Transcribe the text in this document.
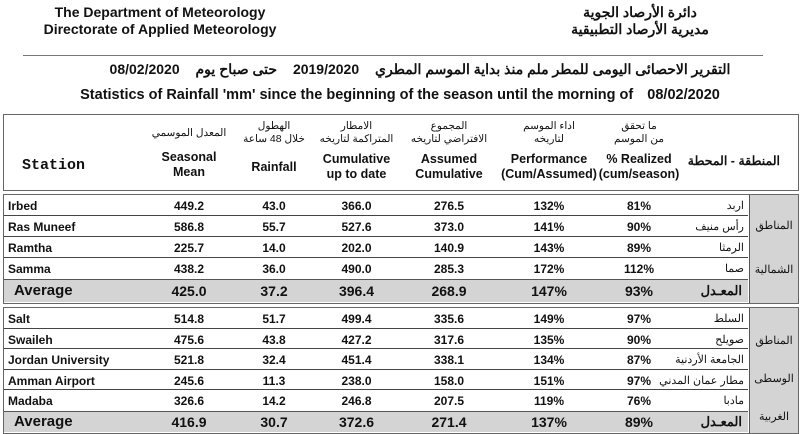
The Department of Meteorology
Directorate of Applied Meteorology
دائرة الأرصاد الجوية
مديرية الأرصاد التطبيقية
التقرير الاحصائى اليومى للمطر ملم منذ بداية الموسم المطري 2019/2020 حتى صباح يوم 08/02/2020
Statistics of Rainfall 'mm' since the beginning of the season until the morning of 08/02/2020
Station
المعدل الموسمي
Seasonal
Mean
الهطول
خلال 48 ساعة
Rainfall
الامطار
المتراكمة لتاريخه
Cumulative
up to date
المجموع
الافتراضي لتاريخه
Assumed
Cumulative
اداء الموسم
لتاريخه
Performance
(Cum/Assumed)
ما تحقق
من الموسم
% Realized
(cum/season)
المنطقة - المحطة
المناطق
الشمالية
Irbed	449.2	43.0	366.0	276.5	132%	81%	اربد
Ras Muneef	586.8	55.7	527.6	373.0	141%	90%	رأس منيف
Ramtha	225.7	14.0	202.0	140.9	143%	89%	الرمثا
Samma	438.2	36.0	490.0	285.3	172%	112%	صما
Average	425.0	37.2	396.4	268.9	147%	93%	المعـدل
المناطق
الوسطى
الغربية
Salt	514.8	51.7	499.4	335.6	149%	97%	السلط
Swaileh	475.6	43.8	427.2	317.6	135%	90%	صويلح
Jordan University	521.8	32.4	451.4	338.1	134%	87%	الجامعة الأردنية
Amman Airport	245.6	11.3	238.0	158.0	151%	97% مطار عمان المدني
Madaba	326.6	14.2	246.8	207.5	119%	76%	مادبا
Average	416.9	30.7	372.6	271.4	137%	89%	المعـدل
